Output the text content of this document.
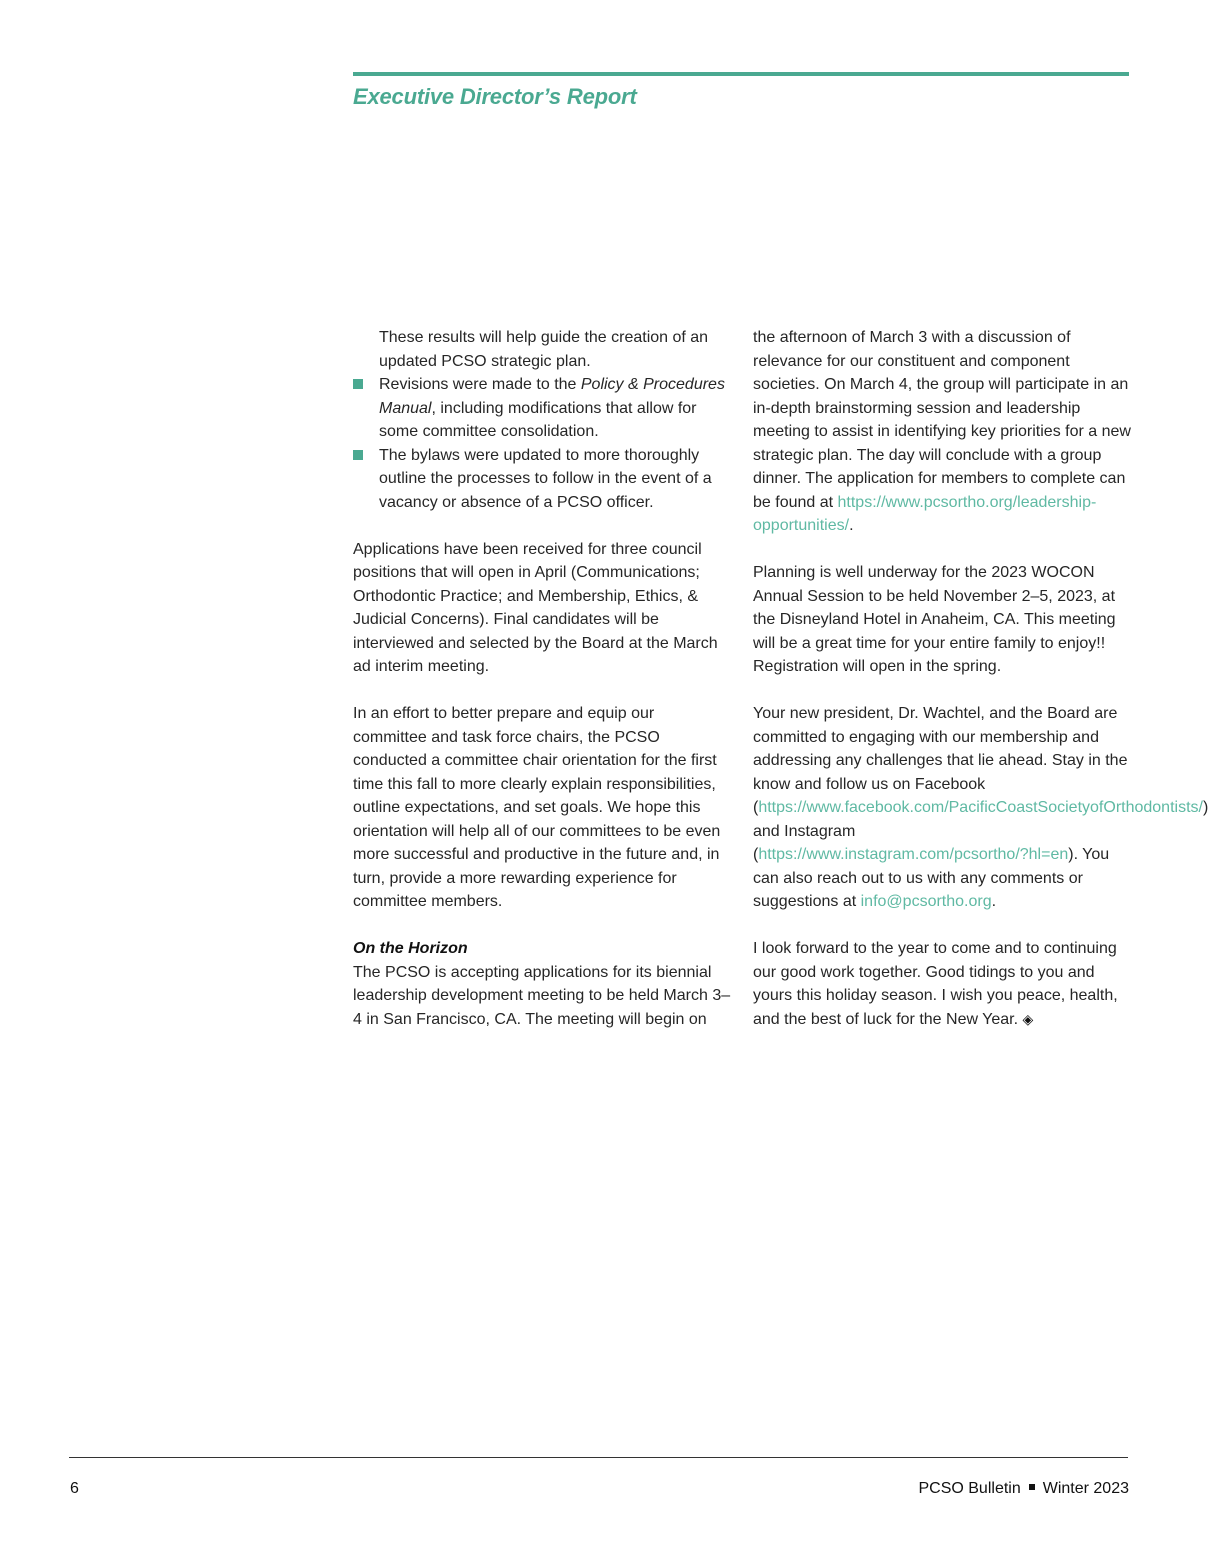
Executive Director’s Report

These results will help guide the creation of an updated PCSO strategic plan.

Revisions were made to the Policy & Procedures Manual, including modifications that allow for some committee consolidation.
The bylaws were updated to more thoroughly outline the processes to follow in the event of a vacancy or absence of a PCSO officer.

Applications have been received for three council positions that will open in April (Communications; Orthodontic Practice; and Membership, Ethics, & Judicial Concerns). Final candidates will be interviewed and selected by the Board at the March ad interim meeting.

In an effort to better prepare and equip our committee and task force chairs, the PCSO conducted a committee chair orientation for the first time this fall to more clearly explain responsibilities, outline expectations, and set goals. We hope this orientation will help all of our committees to be even more successful and productive in the future and, in turn, provide a more rewarding experience for committee members.

On the Horizon

The PCSO is accepting applications for its biennial leadership development meeting to be held March 3–4 in San Francisco, CA. The meeting will begin on

the afternoon of March 3 with a discussion of relevance for our constituent and component societies. On March 4, the group will participate in an in-depth brainstorming session and leadership meeting to assist in identifying key priorities for a new strategic plan. The day will conclude with a group dinner. The application for members to complete can be found at https://www.pcsortho.org/leadership-opportunities/.

Planning is well underway for the 2023 WOCON Annual Session to be held November 2–5, 2023, at the Disneyland Hotel in Anaheim, CA. This meeting will be a great time for your entire family to enjoy!! Registration will open in the spring.

Your new president, Dr. Wachtel, and the Board are committed to engaging with our membership and addressing any challenges that lie ahead. Stay in the know and follow us on Facebook (https://www.facebook.com/PacificCoastSocietyofOrthodontists/) and Instagram (https://www.instagram.com/pcsortho/?hl=en). You can also reach out to us with any comments or suggestions at info@pcsortho.org.

I look forward to the year to come and to continuing our good work together. Good tidings to you and yours this holiday season. I wish you peace, health, and the best of luck for the New Year. ◈

6	PCSO Bulletin Winter 2023
